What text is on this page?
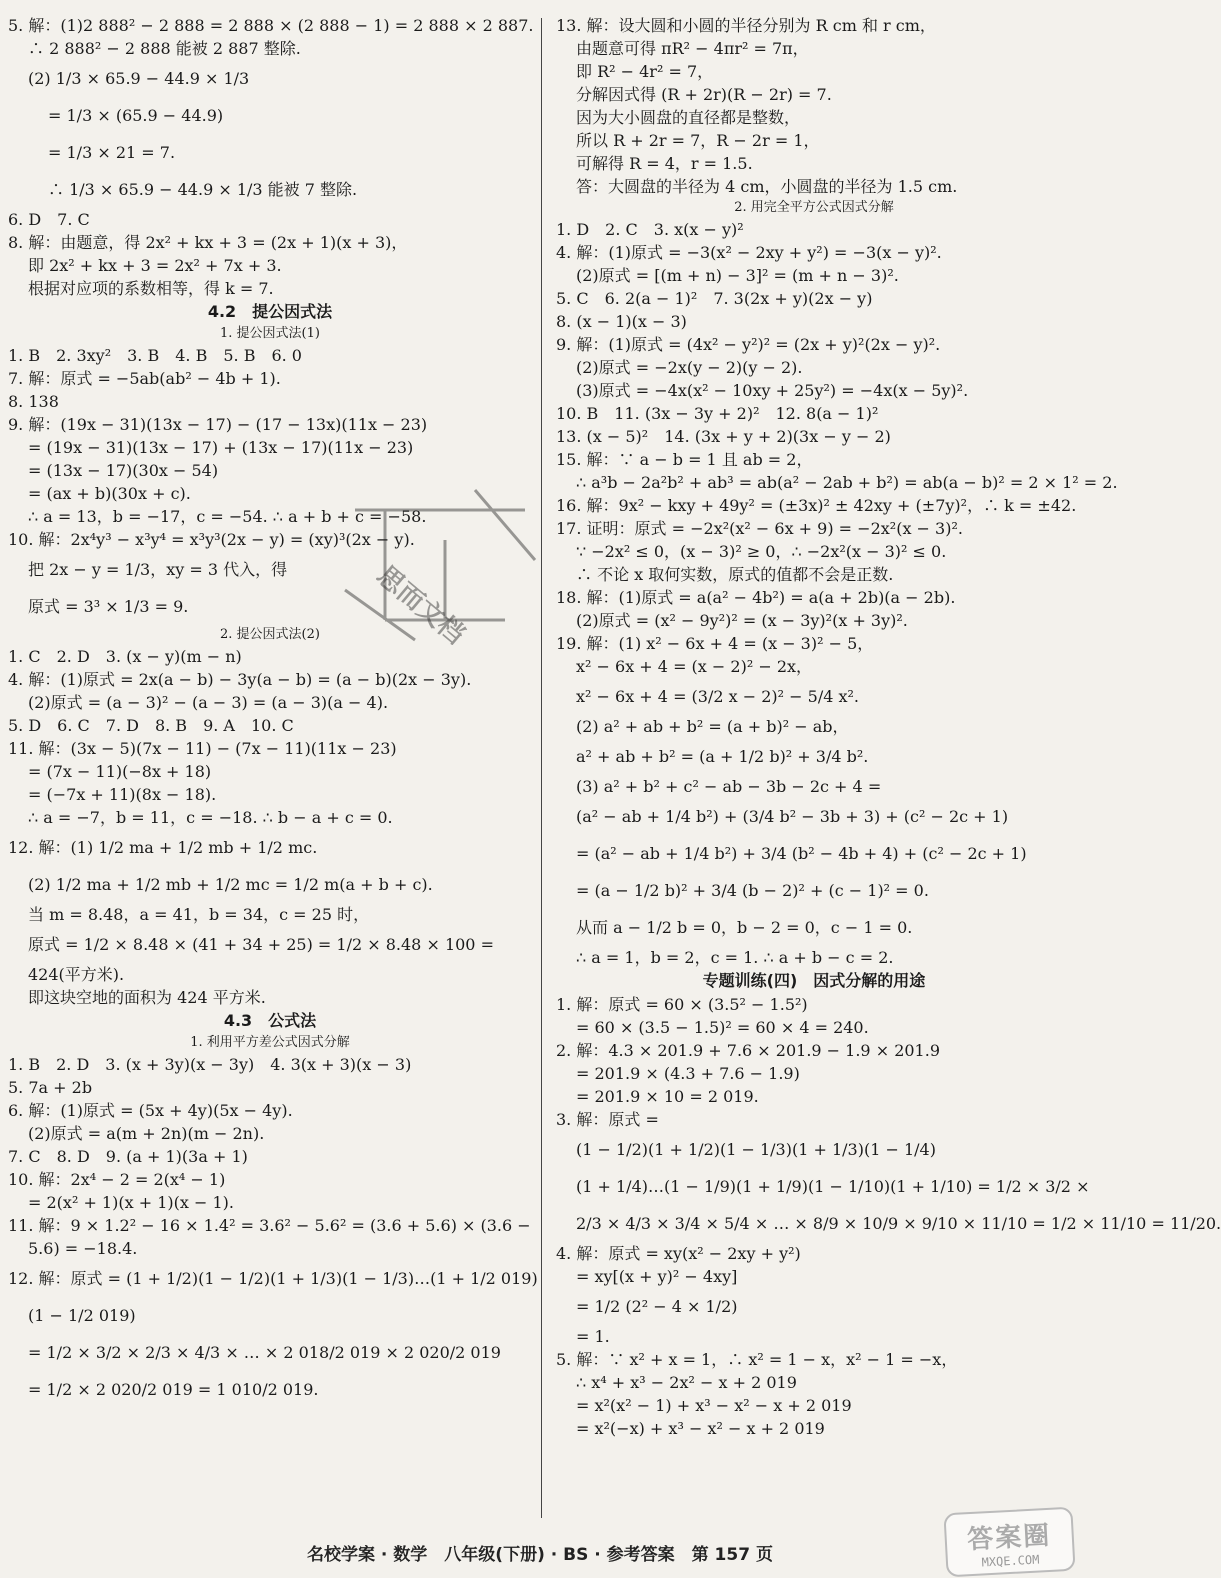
5. 解：(1)2 888² − 2 888 = 2 888 × (2 888 − 1) = 2 888 × 2 887.
∴ 2 888² − 2 888 能被 2 887 整除.
(2) 1/3 × 65.9 − 44.9 × 1/3
= 1/3 × (65.9 − 44.9)
= 1/3 × 21 = 7.
∴ 1/3 × 65.9 − 44.9 × 1/3 能被 7 整除.
6. D　7. C
8. 解：由题意，得 2x² + kx + 3 = (2x + 1)(x + 3)，
即 2x² + kx + 3 = 2x² + 7x + 3.
根据对应项的系数相等，得 k = 7.
4.2　提公因式法
1. 提公因式法(1)
1. B　2. 3xy²　3. B　4. B　5. B　6. 0
7. 解：原式 = −5ab(ab² − 4b + 1).
8. 138
9. 解：(19x − 31)(13x − 17) − (17 − 13x)(11x − 23)
= (19x − 31)(13x − 17) + (13x − 17)(11x − 23)
= (13x − 17)(30x − 54)
= (ax + b)(30x + c).
∴ a = 13，b = −17，c = −54. ∴ a + b + c = −58.
10. 解：2x⁴y³ − x³y⁴ = x³y³(2x − y) = (xy)³(2x − y).
把 2x − y = 1/3，xy = 3 代入，得
原式 = 3³ × 1/3 = 9.
2. 提公因式法(2)
1. C　2. D　3. (x − y)(m − n)
4. 解：(1)原式 = 2x(a − b) − 3y(a − b) = (a − b)(2x − 3y).
(2)原式 = (a − 3)² − (a − 3) = (a − 3)(a − 4).
5. D　6. C　7. D　8. B　9. A　10. C
11. 解：(3x − 5)(7x − 11) − (7x − 11)(11x − 23)
= (7x − 11)(−8x + 18)
= (−7x + 11)(8x − 18).
∴ a = −7，b = 11，c = −18. ∴ b − a + c = 0.
12. 解：(1) 1/2 ma + 1/2 mb + 1/2 mc.
(2) 1/2 ma + 1/2 mb + 1/2 mc = 1/2 m(a + b + c).
当 m = 8.48，a = 41，b = 34，c = 25 时，
原式 = 1/2 × 8.48 × (41 + 34 + 25) = 1/2 × 8.48 × 100 =
424(平方米).
即这块空地的面积为 424 平方米.
4.3　公式法
1. 利用平方差公式因式分解
1. B　2. D　3. (x + 3y)(x − 3y)　4. 3(x + 3)(x − 3)
5. 7a + 2b
6. 解：(1)原式 = (5x + 4y)(5x − 4y).
(2)原式 = a(m + 2n)(m − 2n).
7. C　8. D　9. (a + 1)(3a + 1)
10. 解：2x⁴ − 2 = 2(x⁴ − 1)
= 2(x² + 1)(x + 1)(x − 1).
11. 解：9 × 1.2² − 16 × 1.4² = 3.6² − 5.6² = (3.6 + 5.6) × (3.6 −
5.6) = −18.4.
12. 解：原式 = (1 + 1/2)(1 − 1/2)(1 + 1/3)(1 − 1/3)…(1 + 1/2 019)
(1 − 1/2 019)
= 1/2 × 3/2 × 2/3 × 4/3 × … × 2 018/2 019 × 2 020/2 019
= 1/2 × 2 020/2 019 = 1 010/2 019.
13. 解：设大圆和小圆的半径分别为 R cm 和 r cm，
由题意可得 πR² − 4πr² = 7π，
即 R² − 4r² = 7，
分解因式得 (R + 2r)(R − 2r) = 7.
因为大小圆盘的直径都是整数，
所以 R + 2r = 7，R − 2r = 1，
可解得 R = 4，r = 1.5.
答：大圆盘的半径为 4 cm，小圆盘的半径为 1.5 cm.
2. 用完全平方公式因式分解
1. D　2. C　3. x(x − y)²
4. 解：(1)原式 = −3(x² − 2xy + y²) = −3(x − y)².
(2)原式 = [(m + n) − 3]² = (m + n − 3)².
5. C　6. 2(a − 1)²　7. 3(2x + y)(2x − y)
8. (x − 1)(x − 3)
9. 解：(1)原式 = (4x² − y²)² = (2x + y)²(2x − y)².
(2)原式 = −2x(y − 2)(y − 2).
(3)原式 = −4x(x² − 10xy + 25y²) = −4x(x − 5y)².
10. B　11. (3x − 3y + 2)²　12. 8(a − 1)²
13. (x − 5)²　14. (3x + y + 2)(3x − y − 2)
15. 解：∵ a − b = 1 且 ab = 2，
∴ a³b − 2a²b² + ab³ = ab(a² − 2ab + b²) = ab(a − b)² = 2 × 1² = 2.
16. 解：9x² − kxy + 49y² = (±3x)² ± 42xy + (±7y)²，∴ k = ±42.
17. 证明：原式 = −2x²(x² − 6x + 9) = −2x²(x − 3)².
∵ −2x² ≤ 0，(x − 3)² ≥ 0，∴ −2x²(x − 3)² ≤ 0.
∴ 不论 x 取何实数，原式的值都不会是正数.
18. 解：(1)原式 = a(a² − 4b²) = a(a + 2b)(a − 2b).
(2)原式 = (x² − 9y²)² = (x − 3y)²(x + 3y)².
19. 解：(1) x² − 6x + 4 = (x − 3)² − 5，
x² − 6x + 4 = (x − 2)² − 2x，
x² − 6x + 4 = (3/2 x − 2)² − 5/4 x².
(2) a² + ab + b² = (a + b)² − ab，
a² + ab + b² = (a + 1/2 b)² + 3/4 b².
(3) a² + b² + c² − ab − 3b − 2c + 4 =
(a² − ab + 1/4 b²) + (3/4 b² − 3b + 3) + (c² − 2c + 1)
= (a² − ab + 1/4 b²) + 3/4 (b² − 4b + 4) + (c² − 2c + 1)
= (a − 1/2 b)² + 3/4 (b − 2)² + (c − 1)² = 0.
从而 a − 1/2 b = 0，b − 2 = 0，c − 1 = 0.
∴ a = 1，b = 2，c = 1. ∴ a + b − c = 2.
专题训练(四)　因式分解的用途
1. 解：原式 = 60 × (3.5² − 1.5²)
= 60 × (3.5 − 1.5)² = 60 × 4 = 240.
2. 解：4.3 × 201.9 + 7.6 × 201.9 − 1.9 × 201.9
= 201.9 × (4.3 + 7.6 − 1.9)
= 201.9 × 10 = 2 019.
3. 解：原式 =
(1 − 1/2)(1 + 1/2)(1 − 1/3)(1 + 1/3)(1 − 1/4)
(1 + 1/4)…(1 − 1/9)(1 + 1/9)(1 − 1/10)(1 + 1/10) = 1/2 × 3/2 ×
2/3 × 4/3 × 3/4 × 5/4 × … × 8/9 × 10/9 × 9/10 × 11/10 = 1/2 × 11/10 = 11/20.
4. 解：原式 = xy(x² − 2xy + y²)
= xy[(x + y)² − 4xy]
= 1/2 (2² − 4 × 1/2)
= 1.
5. 解：∵ x² + x = 1，∴ x² = 1 − x，x² − 1 = −x，
∴ x⁴ + x³ − 2x² − x + 2 019
= x²(x² − 1) + x³ − x² − x + 2 019
= x²(−x) + x³ − x² − x + 2 019
思而文档
名校学案 · 数学　八年级(下册) · BS · 参考答案　第 157 页
答案圈
MXQE.COM
